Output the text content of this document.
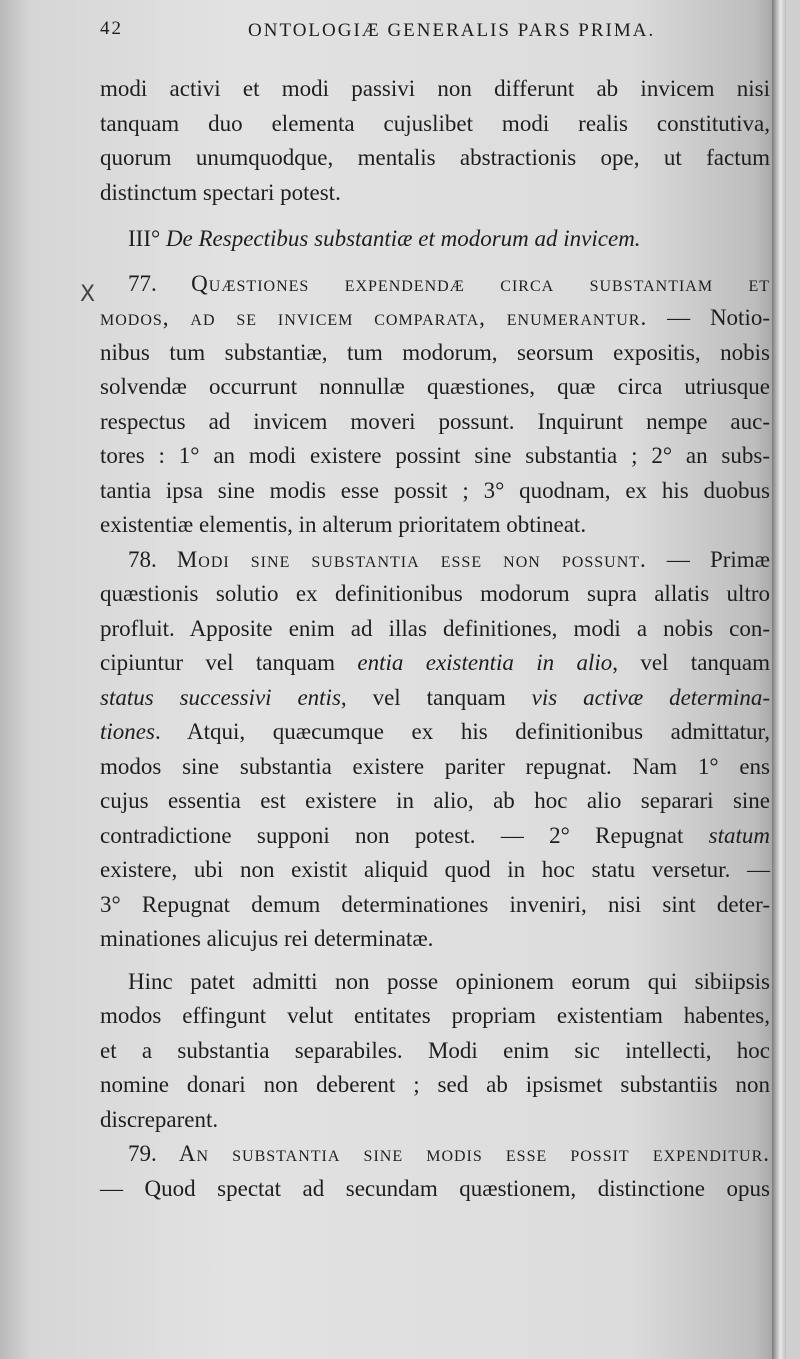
42	ONTOLOGIÆ GENERALIS PARS PRIMA.
X
modi activi et modi passivi non differunt ab invicem nisi
tanquam duo elementa cujuslibet modi realis constitutiva,
quorum unumquodque, mentalis abstractionis ope, ut factum
distinctum spectari potest.
III° De Respectibus substantiæ et modorum ad invicem.
77. Quæstiones expendendæ circa substantiam et
modos, ad se invicem comparata, enumerantur. — Notio-
nibus tum substantiæ, tum modorum, seorsum expositis, nobis
solvendæ occurrunt nonnullæ quæstiones, quæ circa utriusque
respectus ad invicem moveri possunt. Inquirunt nempe auc-
tores : 1° an modi existere possint sine substantia ; 2° an subs-
tantia ipsa sine modis esse possit ; 3° quodnam, ex his duobus
existentiæ elementis, in alterum prioritatem obtineat.
78. Modi sine substantia esse non possunt. — Primæ
quæstionis solutio ex definitionibus modorum supra allatis ultro
profluit. Apposite enim ad illas definitiones, modi a nobis con-
cipiuntur vel tanquam entia existentia in alio, vel tanquam
status successivi entis, vel tanquam vis activæ determina-
tiones. Atqui, quæcumque ex his definitionibus admittatur,
modos sine substantia existere pariter repugnat. Nam 1° ens
cujus essentia est existere in alio, ab hoc alio separari sine
contradictione supponi non potest. — 2° Repugnat statum
existere, ubi non existit aliquid quod in hoc statu versetur. —
3° Repugnat demum determinationes inveniri, nisi sint deter-
minationes alicujus rei determinatæ.
Hinc patet admitti non posse opinionem eorum qui sibiipsis
modos effingunt velut entitates propriam existentiam habentes,
et a substantia separabiles. Modi enim sic intellecti, hoc
nomine donari non deberent ; sed ab ipsismet substantiis non
discreparent.
79. An substantia sine modis esse possit expenditur.
— Quod spectat ad secundam quæstionem, distinctione opus
